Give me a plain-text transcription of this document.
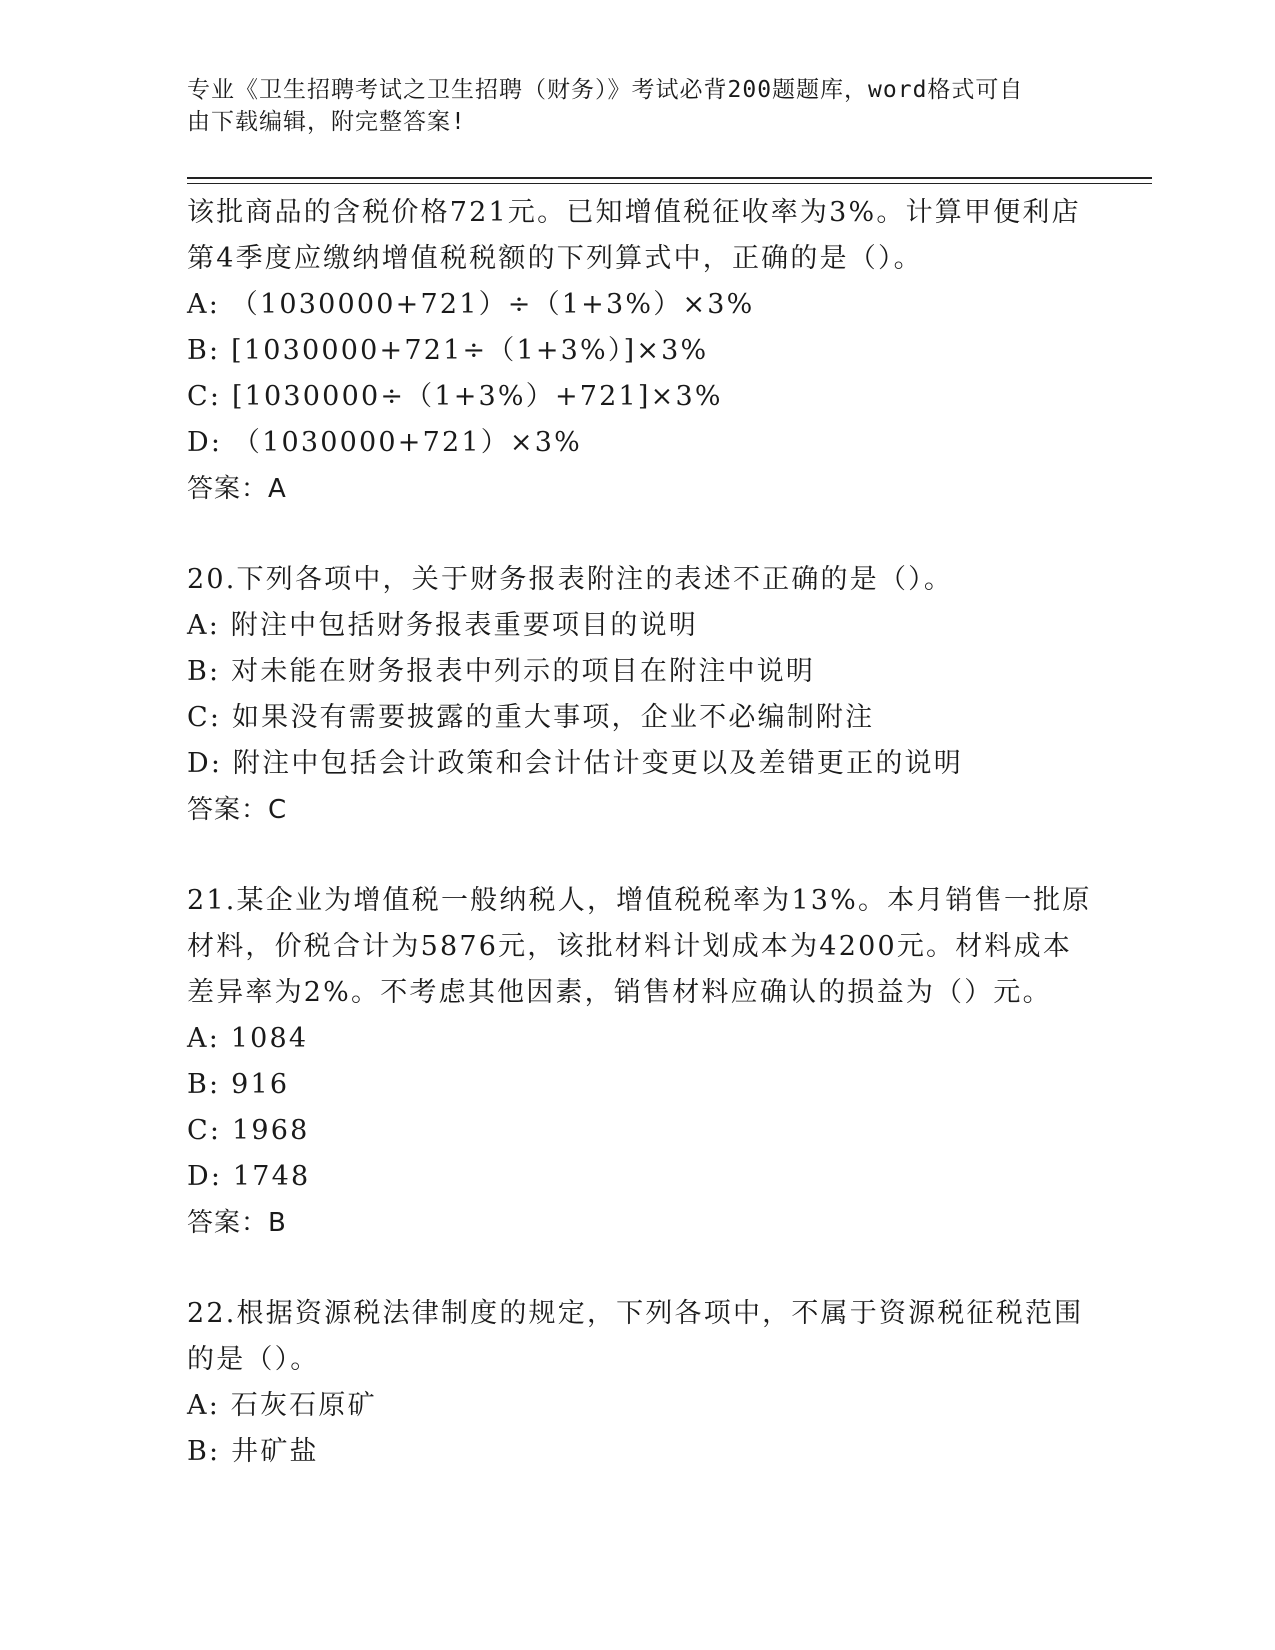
专业《卫生招聘考试之卫生招聘（财务）》考试必背200题题库，word格式可自
由下载编辑，附完整答案!
该批商品的含税价格721元。已知增值税征收率为3%。计算甲便利店
第4季度应缴纳增值税税额的下列算式中，正确的是（）。
A: （1030000+721）÷（1+3%）×3%
B: [1030000+721÷（1+3%）]×3%
C: [1030000÷（1+3%）+721]×3%
D: （1030000+721）×3%
答案：A
20.下列各项中，关于财务报表附注的表述不正确的是（）。
A: 附注中包括财务报表重要项目的说明
B: 对未能在财务报表中列示的项目在附注中说明
C: 如果没有需要披露的重大事项，企业不必编制附注
D: 附注中包括会计政策和会计估计变更以及差错更正的说明
答案：C
21.某企业为增值税一般纳税人，增值税税率为13%。本月销售一批原
材料，价税合计为5876元，该批材料计划成本为4200元。材料成本
差异率为2%。不考虑其他因素，销售材料应确认的损益为（）元。
A: 1084
B: 916
C: 1968
D: 1748
答案：B
22.根据资源税法律制度的规定，下列各项中，不属于资源税征税范围
的是（）。
A: 石灰石原矿
B: 井矿盐
